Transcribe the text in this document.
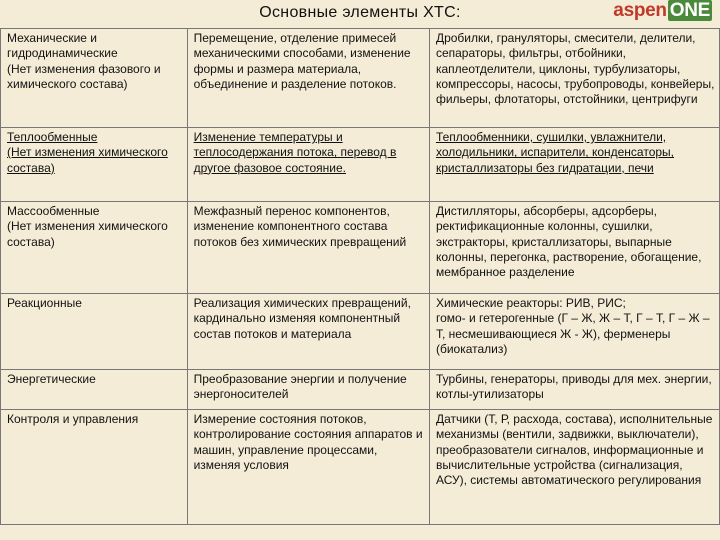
Основные элементы ХТС:	aspen ONE
Механические и гидродинамические
(Нет изменения фазового и химического состава)	Перемещение, отделение примесей механическими способами, изменение формы и размера материала, объединение и разделение потоков.	Дробилки, грануляторы, смесители, делители, сепараторы, фильтры, отбойники, каплеотделители, циклоны, турбулизаторы, компрессоры, насосы, трубопроводы, конвейеры, фильеры, флотаторы, отстойники, центрифуги

Теплообменные
(Нет изменения химического состава)	Изменение температуры и теплосодержания потока, перевод в другое фазовое состояние.	Теплообменники, сушилки, увлажнители, холодильники, испарители, конденсаторы, кристаллизаторы без гидратации, печи

Массообменные
(Нет изменения химического состава)	Межфазный перенос компонентов, изменение компонентного состава потоков без химических превращений	Дистилляторы, абсорберы, адсорберы, ректификационные колонны, сушилки, экстракторы, кристаллизаторы, выпарные колонны, перегонка, растворение, обогащение, мембранное разделение

Реакционные	Реализация химических превращений, кардинально изменяя компонентный состав потоков и материала	Химические реакторы: РИВ, РИС;
гомо- и гетерогенные (Г – Ж, Ж – Т, Г – Т, Г – Ж – Т, несмешивающиеся Ж - Ж), ферменеры (биокатализ)

Энергетические	Преобразование энергии и получение энергоносителей	Турбины, генераторы, приводы для мех. энергии, котлы-утилизаторы

Контроля и управления	Измерение состояния потоков, контролирование состояния аппаратов и машин, управление процессами, изменяя условия	Датчики (Т, Р, расхода, состава), исполнительные механизмы (вентили, задвижки, выключатели), преобразователи сигналов, информационные и вычислительные устройства (сигнализация, АСУ), системы автоматического регулирования
